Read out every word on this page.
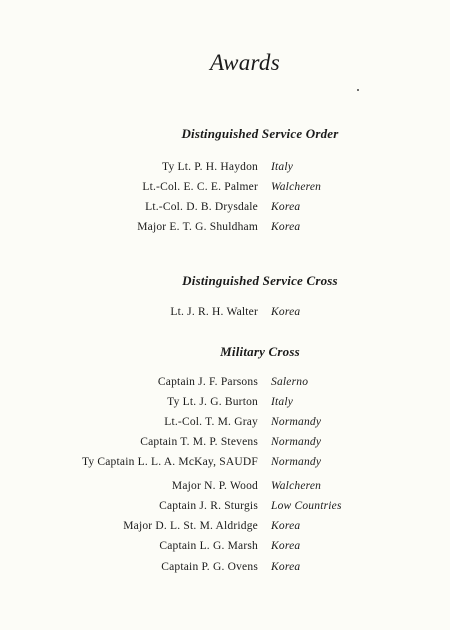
Awards
Distinguished Service Order
Ty Lt. P. H. Haydon Italy
Lt.-Col. E. C. E. Palmer Walcheren
Lt.-Col. D. B. Drysdale Korea
Major E. T. G. Shuldham Korea
Distinguished Service Cross
Lt. J. R. H. Walter Korea
Military Cross
Captain J. F. Parsons Salerno
Ty Lt. J. G. Burton Italy
Lt.-Col. T. M. Gray Normandy
Captain T. M. P. Stevens Normandy
Ty Captain L. L. A. McKay, SAUDF Normandy
Major N. P. Wood Walcheren
Captain J. R. Sturgis Low Countries
Major D. L. St. M. Aldridge Korea
Captain L. G. Marsh Korea
Captain P. G. Ovens Korea
